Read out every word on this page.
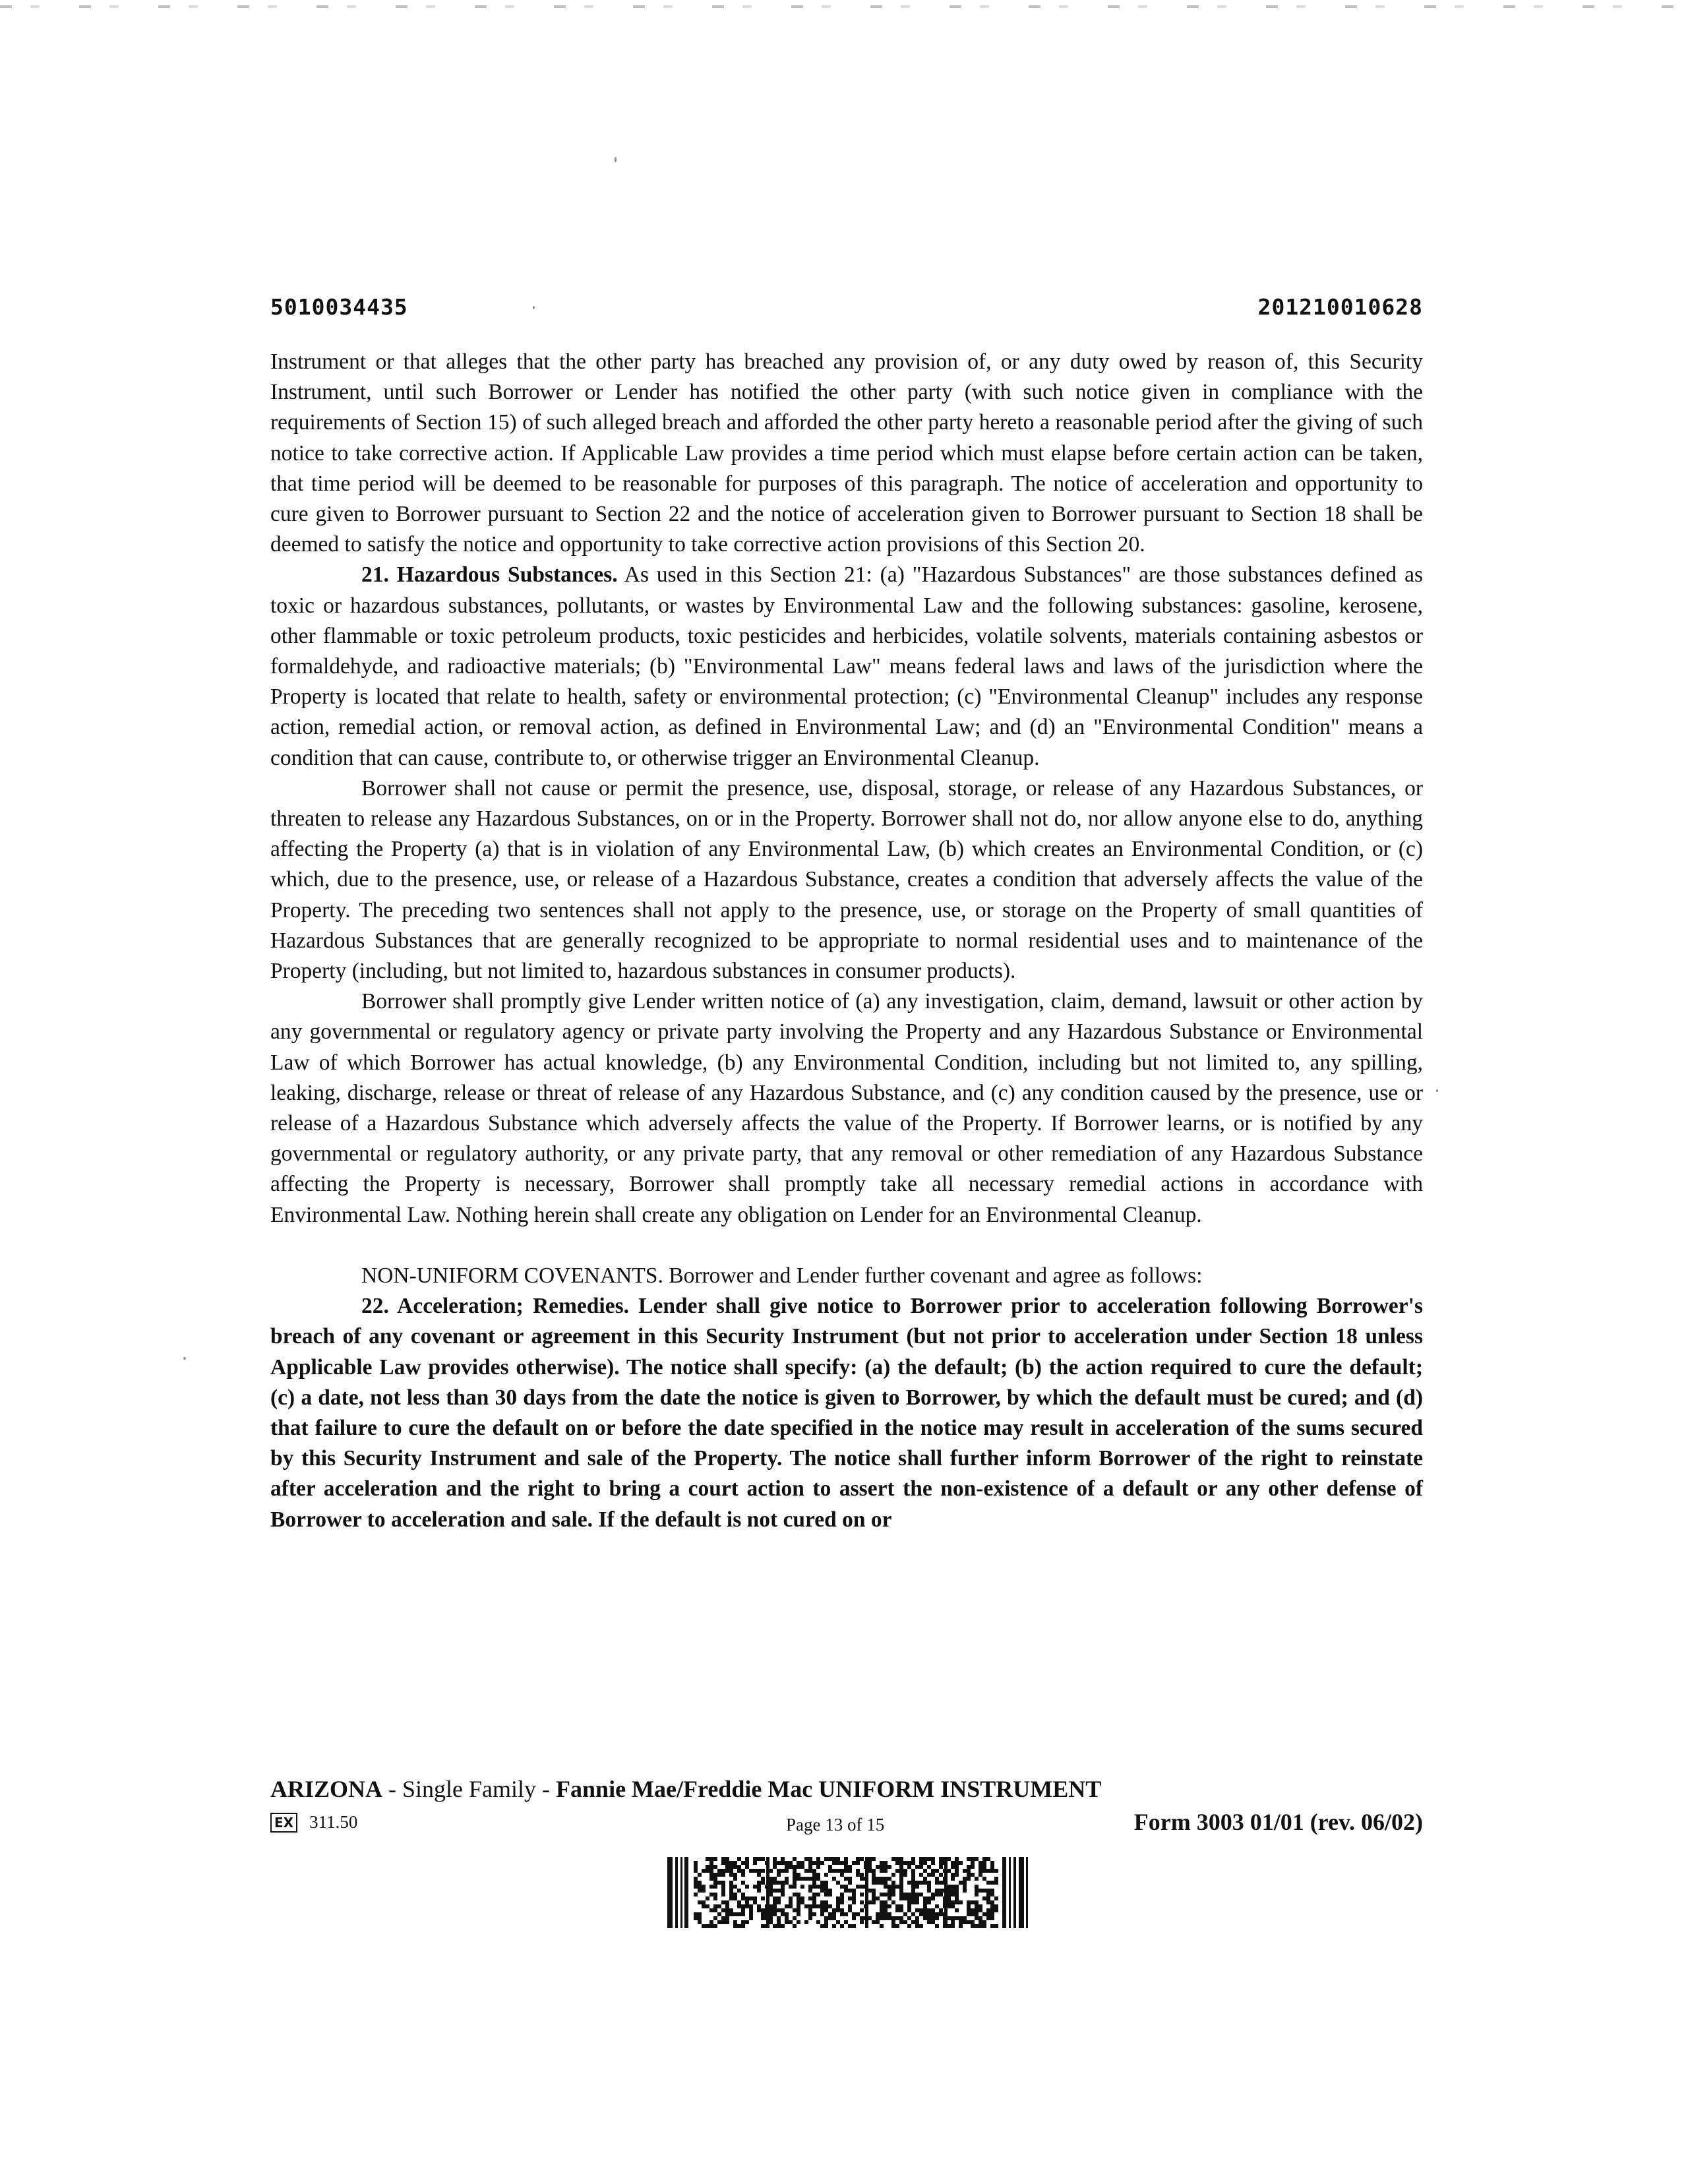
5010034435	201210010628

Instrument or that alleges that the other party has breached any provision of, or any duty owed by reason of, this Security Instrument, until such Borrower or Lender has notified the other party (with such notice given in compliance with the requirements of Section 15) of such alleged breach and afforded the other party hereto a reasonable period after the giving of such notice to take corrective action. If Applicable Law provides a time period which must elapse before certain action can be taken, that time period will be deemed to be reasonable for purposes of this paragraph. The notice of acceleration and opportunity to cure given to Borrower pursuant to Section 22 and the notice of acceleration given to Borrower pursuant to Section 18 shall be deemed to satisfy the notice and opportunity to take corrective action provisions of this Section 20.

21. Hazardous Substances. As used in this Section 21: (a) "Hazardous Substances" are those substances defined as toxic or hazardous substances, pollutants, or wastes by Environmental Law and the following substances: gasoline, kerosene, other flammable or toxic petroleum products, toxic pesticides and herbicides, volatile solvents, materials containing asbestos or formaldehyde, and radioactive materials; (b) "Environmental Law" means federal laws and laws of the jurisdiction where the Property is located that relate to health, safety or environmental protection; (c) "Environmental Cleanup" includes any response action, remedial action, or removal action, as defined in Environmental Law; and (d) an "Environmental Condition" means a condition that can cause, contribute to, or otherwise trigger an Environmental Cleanup.

Borrower shall not cause or permit the presence, use, disposal, storage, or release of any Hazardous Substances, or threaten to release any Hazardous Substances, on or in the Property. Borrower shall not do, nor allow anyone else to do, anything affecting the Property (a) that is in violation of any Environmental Law, (b) which creates an Environmental Condition, or (c) which, due to the presence, use, or release of a Hazardous Substance, creates a condition that adversely affects the value of the Property. The preceding two sentences shall not apply to the presence, use, or storage on the Property of small quantities of Hazardous Substances that are generally recognized to be appropriate to normal residential uses and to maintenance of the Property (including, but not limited to, hazardous substances in consumer products).

Borrower shall promptly give Lender written notice of (a) any investigation, claim, demand, lawsuit or other action by any governmental or regulatory agency or private party involving the Property and any Hazardous Substance or Environmental Law of which Borrower has actual knowledge, (b) any Environmental Condition, including but not limited to, any spilling, leaking, discharge, release or threat of release of any Hazardous Substance, and (c) any condition caused by the presence, use or release of a Hazardous Substance which adversely affects the value of the Property. If Borrower learns, or is notified by any governmental or regulatory authority, or any private party, that any removal or other remediation of any Hazardous Substance affecting the Property is necessary, Borrower shall promptly take all necessary remedial actions in accordance with Environmental Law. Nothing herein shall create any obligation on Lender for an Environmental Cleanup.

NON-UNIFORM COVENANTS. Borrower and Lender further covenant and agree as follows:

22. Acceleration; Remedies. Lender shall give notice to Borrower prior to acceleration following Borrower's breach of any covenant or agreement in this Security Instrument (but not prior to acceleration under Section 18 unless Applicable Law provides otherwise). The notice shall specify: (a) the default; (b) the action required to cure the default; (c) a date, not less than 30 days from the date the notice is given to Borrower, by which the default must be cured; and (d) that failure to cure the default on or before the date specified in the notice may result in acceleration of the sums secured by this Security Instrument and sale of the Property. The notice shall further inform Borrower of the right to reinstate after acceleration and the right to bring a court action to assert the non-existence of a default or any other defense of Borrower to acceleration and sale. If the default is not cured on or

ARIZONA - Single Family - Fannie Mae/Freddie Mac UNIFORM INSTRUMENT
EX 311.50	Page 13 of 15	Form 3003 01/01 (rev. 06/02)
